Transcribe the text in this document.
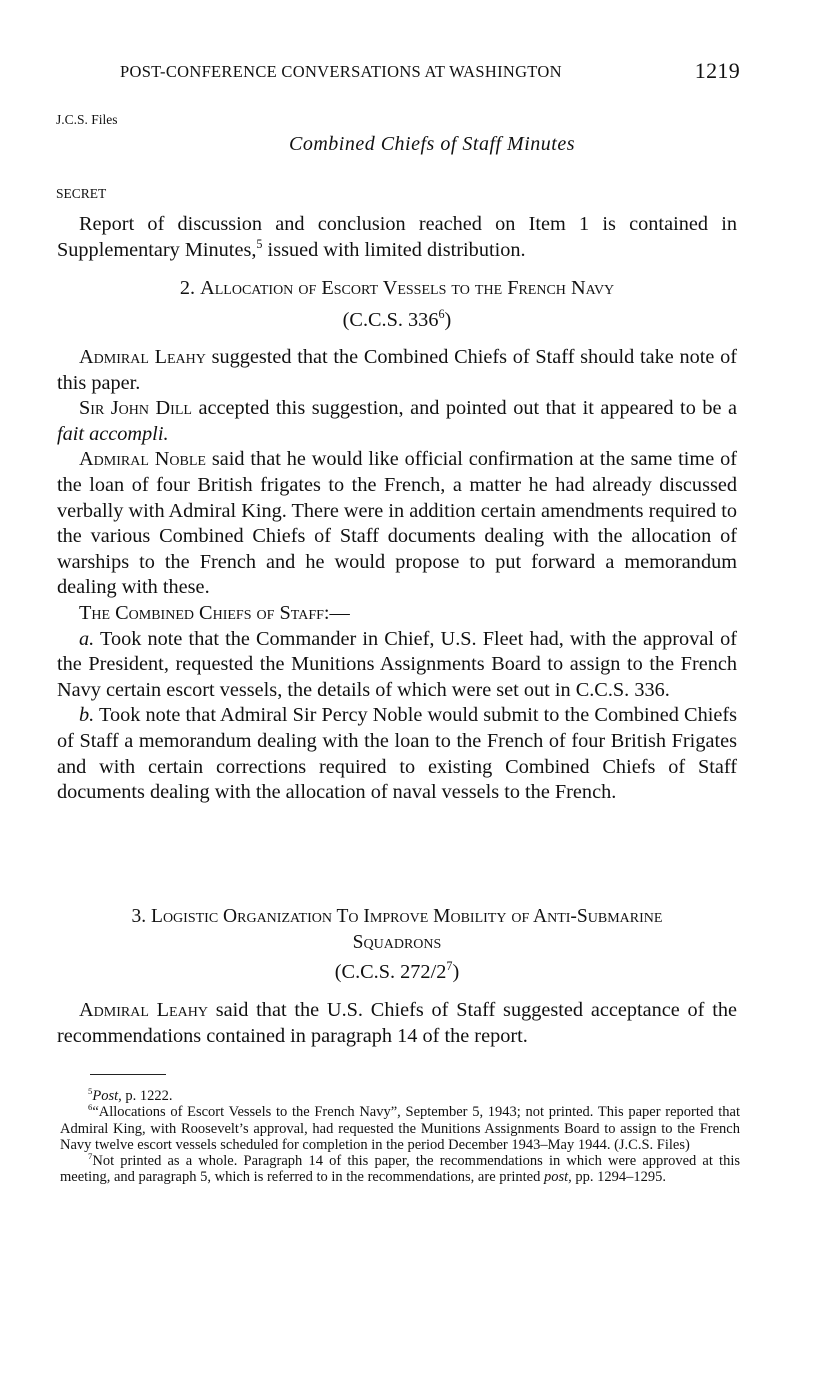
POST-CONFERENCE CONVERSATIONS AT WASHINGTON	1219
J.C.S. Files
Combined Chiefs of Staff Minutes
SECRET

Report of discussion and conclusion reached on Item 1 is contained in Supplementary Minutes,$^5$ issued with limited distribution.

2. Allocation of Escort Vessels to the French Navy
(C.C.S. $336^6$)

Admiral Leahy suggested that the Combined Chiefs of Staff should take note of this paper.

Sir John Dill accepted this suggestion, and pointed out that it appeared to be a fait accompli.

Admiral Noble said that he would like official confirmation at the same time of the loan of four British frigates to the French, a matter he had already discussed verbally with Admiral King. There were in addition certain amendments required to the various Combined Chiefs of Staff documents dealing with the allocation of warships to the French and he would propose to put forward a memorandum dealing with these.

The Combined Chiefs of Staff:—

a. Took note that the Commander in Chief, U.S. Fleet had, with the approval of the President, requested the Munitions Assignments Board to assign to the French Navy certain escort vessels, the details of which were set out in C.C.S. 336.

b. Took note that Admiral Sir Percy Noble would submit to the Combined Chiefs of Staff a memorandum dealing with the loan to the French of four British Frigates and with certain corrections required to existing Combined Chiefs of Staff documents dealing with the allocation of naval vessels to the French.

3. Logistic Organization To Improve Mobility of Anti-Submarine
Squadrons
(C.C.S. $272/2^7$)

Admiral Leahy said that the U.S. Chiefs of Staff suggested acceptance of the recommendations contained in paragraph 14 of the report.

$^5$Post, p. 1222.

$^6$“Allocations of Escort Vessels to the French Navy”, September 5, 1943; not printed. This paper reported that Admiral King, with Roosevelt’s approval, had requested the Munitions Assignments Board to assign to the French Navy twelve escort vessels scheduled for completion in the period December 1943–May 1944. (J.C.S. Files)

$^7$Not printed as a whole. Paragraph 14 of this paper, the recommendations in which were approved at this meeting, and paragraph 5, which is referred to in the recommendations, are printed post, pp. 1294–1295.
